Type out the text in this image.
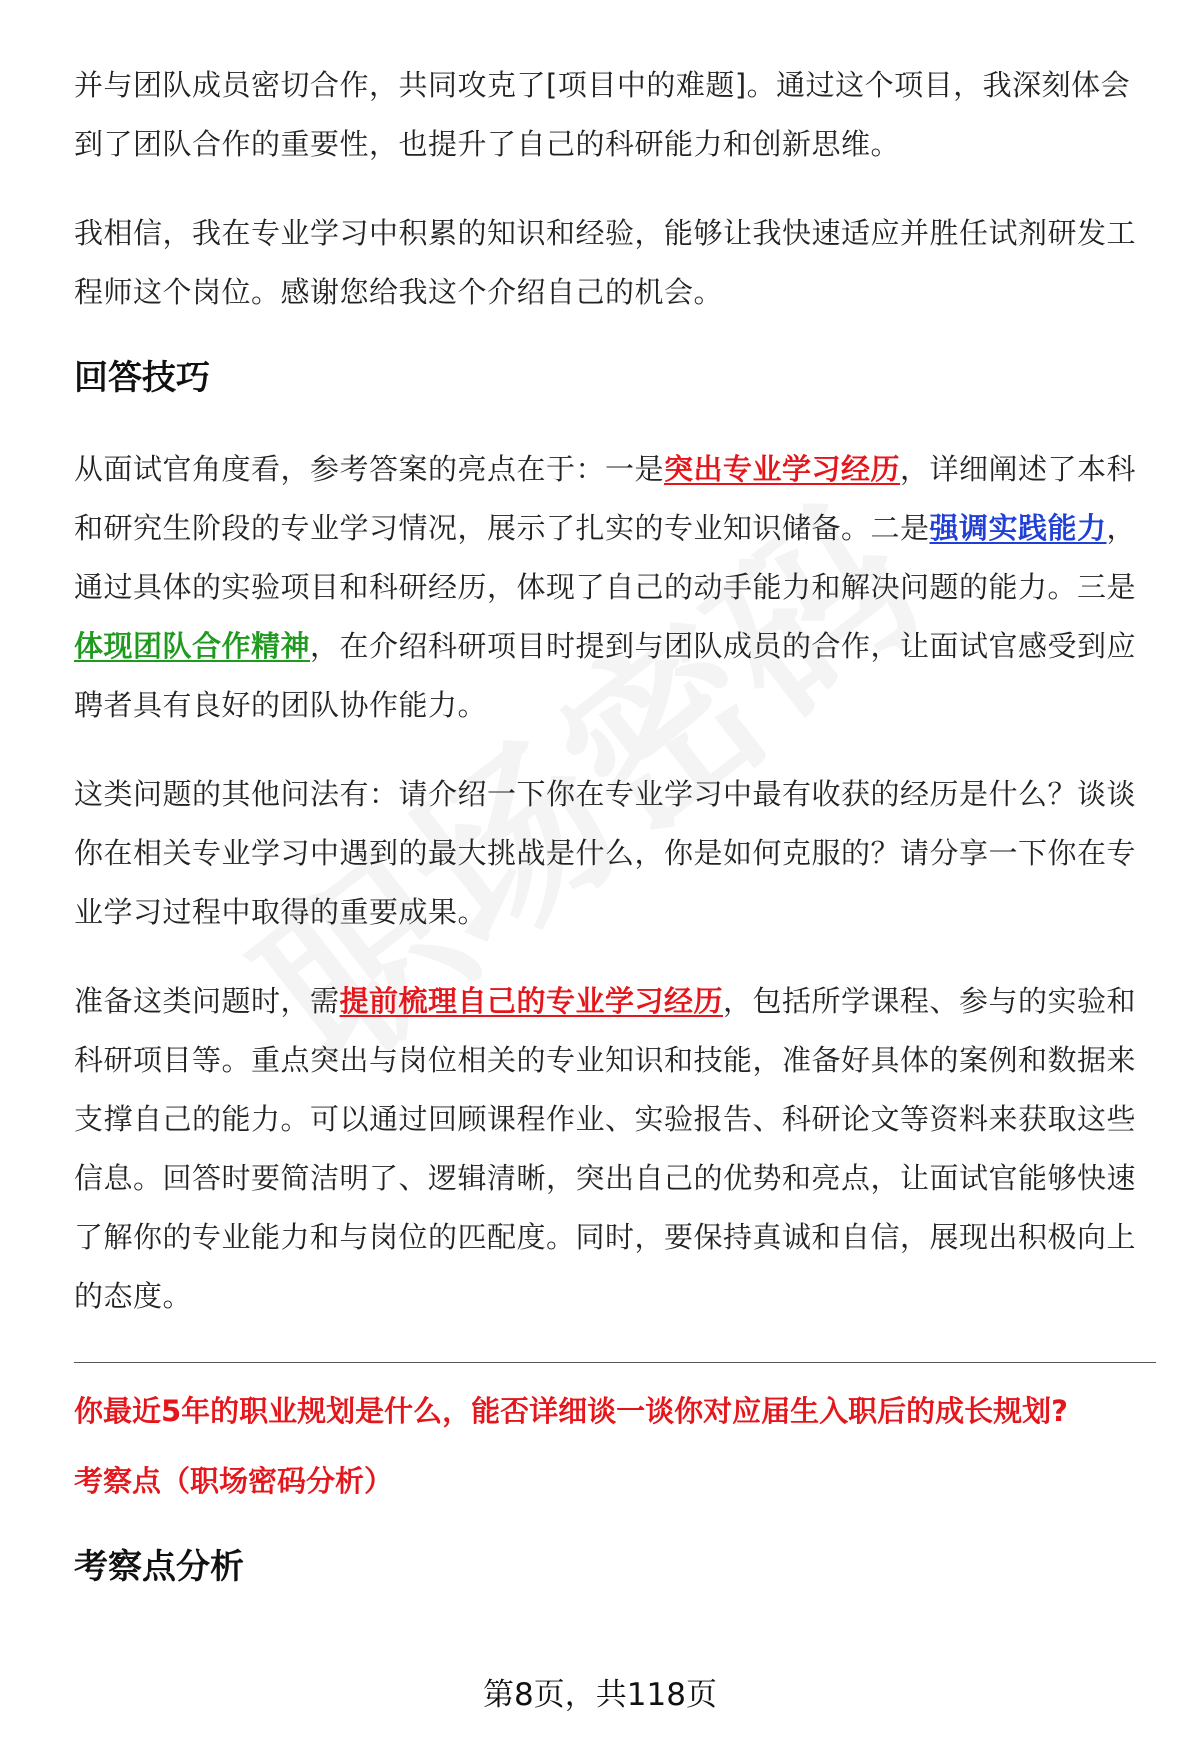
并与团队成员密切合作，共同攻克了[项目中的难题]。通过这个项目，我深刻体会到了团队合作的重要性，也提升了自己的科研能力和创新思维。

我相信，我在专业学习中积累的知识和经验，能够让我快速适应并胜任试剂研发工程师这个岗位。感谢您给我这个介绍自己的机会。

回答技巧

从面试官角度看，参考答案的亮点在于：一是突出专业学习经历，详细阐述了本科和研究生阶段的专业学习情况，展示了扎实的专业知识储备。二是强调实践能力，通过具体的实验项目和科研经历，体现了自己的动手能力和解决问题的能力。三是体现团队合作精神，在介绍科研项目时提到与团队成员的合作，让面试官感受到应聘者具有良好的团队协作能力。

这类问题的其他问法有：请介绍一下你在专业学习中最有收获的经历是什么？谈谈你在相关专业学习中遇到的最大挑战是什么，你是如何克服的？请分享一下你在专业学习过程中取得的重要成果。

准备这类问题时，需提前梳理自己的专业学习经历，包括所学课程、参与的实验和科研项目等。重点突出与岗位相关的专业知识和技能，准备好具体的案例和数据来支撑自己的能力。可以通过回顾课程作业、实验报告、科研论文等资料来获取这些信息。回答时要简洁明了、逻辑清晰，突出自己的优势和亮点，让面试官能够快速了解你的专业能力和与岗位的匹配度。同时，要保持真诚和自信，展现出积极向上的态度。

你最近5年的职业规划是什么，能否详细谈一谈你对应届生入职后的成长规划?

考察点（职场密码分析）

考察点分析
第8页，共118页
